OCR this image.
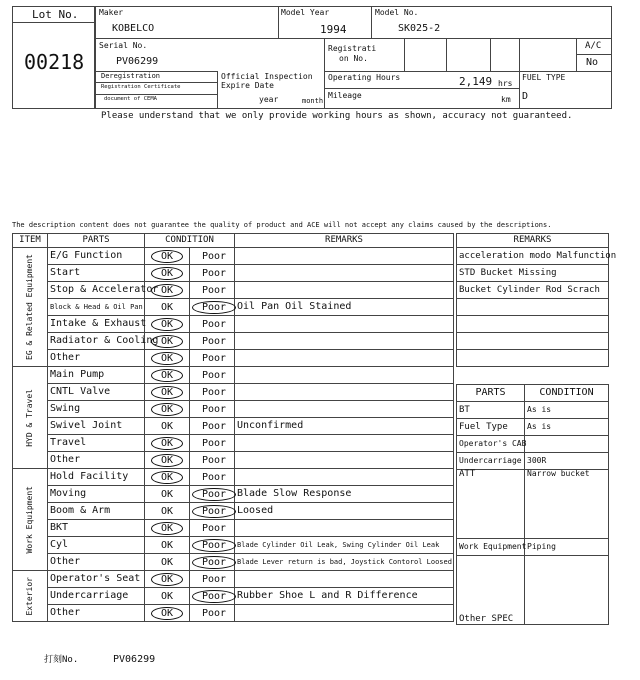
Lot No.
00218
Maker
KOBELCO
Model Year
1994
Model No.
SK025-2
Serial No.
PV06299
Registrati
on No.
A/C
No
Deregistration
Registration Certificate
document of CEMA
Official Inspection
Expire Date
year	month
Operating Hours	2,149 hrs
Mileage	km
FUEL TYPE
D
Please understand that we only provide working hours as shown, accuracy not guaranteed.
The description content does not guarantee the quality of product and ACE will not accept any claims caused by the descriptions.
ITEM	PARTS	CONDITION		REMARKS

EG & Related Equipment	E/G Function	OK	Poor	
	Start	OK	Poor	
	Stop & Accelerator	OK	Poor	
	Block & Head & Oil Pan	OK	Poor	Oil Pan Oil Stained
	Intake & Exhaust	OK	Poor	
	Radiator & Cooling	OK	Poor	
	Other	OK	Poor	

HYD & Travel	Main Pump	OK	Poor	
	CNTL Valve	OK	Poor	
	Swing	OK	Poor	
	Swivel Joint	OK	Poor	Unconfirmed
	Travel	OK	Poor	
	Other	OK	Poor	

Work Equipment	Hold Facility	OK	Poor	
	Moving	OK	Poor	Blade Slow Response
	Boom & Arm	OK	Poor	Loosed
	BKT	OK	Poor	
	Cyl	OK	Poor	Blade Cylinder Oil Leak, Swing Cylinder Oil Leak
	Other	OK	Poor	Blade Lever return is bad, Joystick Contorol Loosed

Exterior	Operator's Seat	OK	Poor	
	Undercarriage	OK	Poor	Rubber Shoe L and R Difference
	Other	OK	Poor	
REMARKS
acceleration modo Malfunction
STD Bucket Missing
Bucket Cylinder Rod Scrach

PARTS	CONDITION
BT	As is
Fuel Type	As is
Operator's CAB	
Undercarriage	300R
ATT	Narrow bucket
Work Equipment	Piping
Other SPEC	
打刻No.	PV06299
